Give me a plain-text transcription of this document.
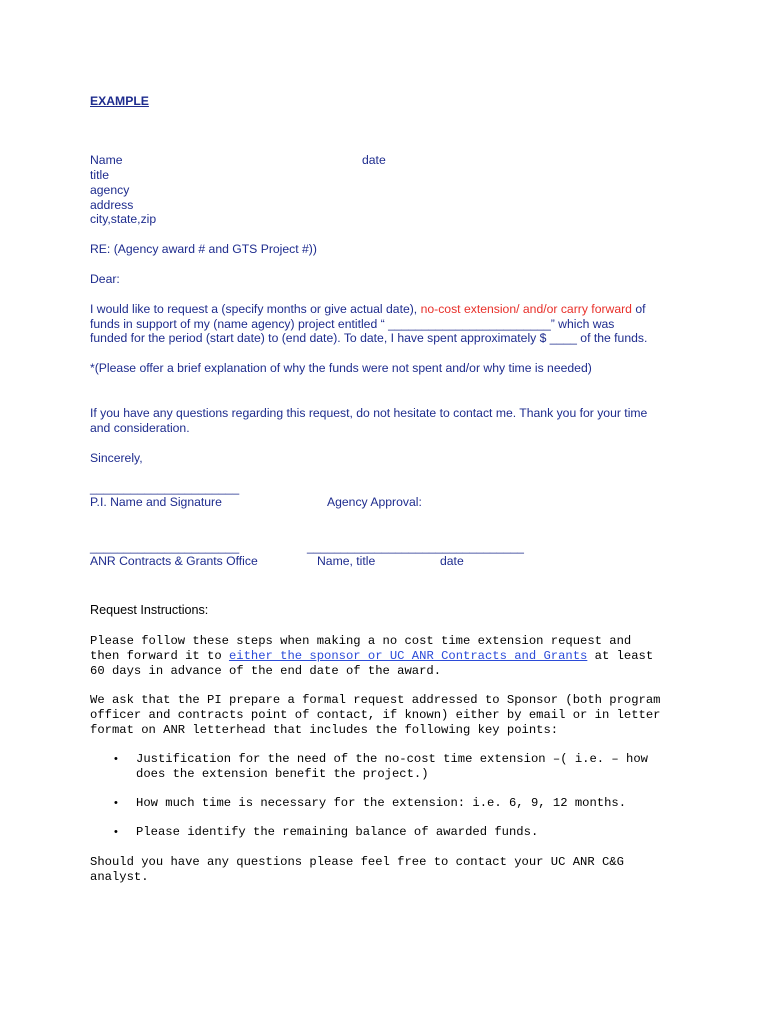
EXAMPLE
Name	date
title
agency
address
city,state,zip
RE: (Agency award # and GTS Project #))
Dear:
I would like to request a (specify months or give actual date), no-cost extension/ and/or carry forward of
funds in support of my (name agency) project entitled “ ________________________” which was
funded for the period (start date) to (end date). To date, I have spent approximately $ ____ of the funds.
*(Please offer a brief explanation of why the funds were not spent and/or why time is needed)
If you have any questions regarding this request, do not hesitate to contact me. Thank you for your time
and consideration.
Sincerely,
______________________
P.I. Name and Signature	Agency Approval:
______________________	________________________________
ANR Contracts & Grants Office	Name, title	date
Request Instructions:
Please follow these steps when making a no cost time extension request and
then forward it to either the sponsor or UC ANR Contracts and Grants at least
60 days in advance of the end date of the award.
We ask that the PI prepare a formal request addressed to Sponsor (both program
officer and contracts point of contact, if known) either by email or in letter
format on ANR letterhead that includes the following key points:
• Justification for the need of the no-cost time extension –( i.e. – how
does the extension benefit the project.)
• How much time is necessary for the extension: i.e. 6, 9, 12 months.
• Please identify the remaining balance of awarded funds.
Should you have any questions please feel free to contact your UC ANR C&G
analyst.
